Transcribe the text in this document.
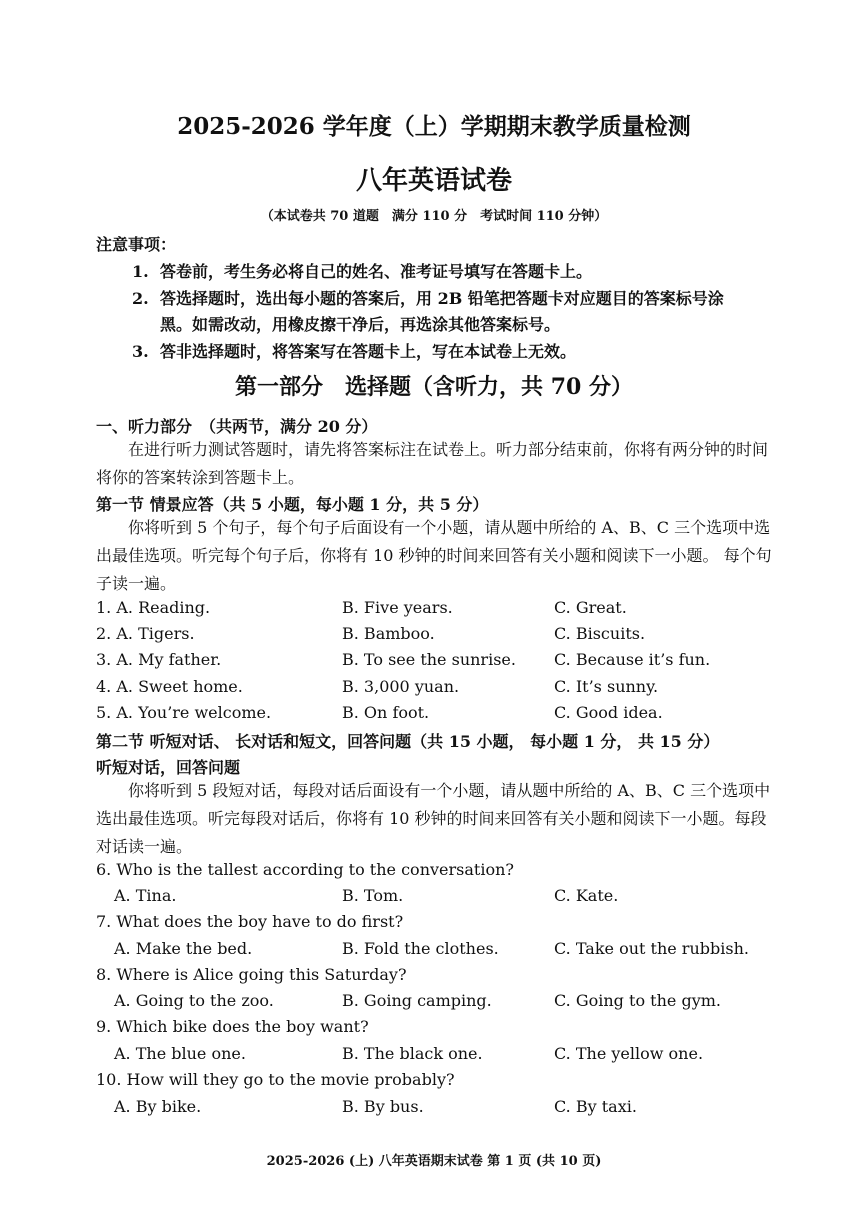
2025-2026 学年度（上）学期期末教学质量检测
八年英语试卷
（本试卷共 70 道题　满分 110 分　考试时间 110 分钟）
注意事项：
1. 答卷前，考生务必将自己的姓名、准考证号填写在答题卡上。
2. 答选择题时，选出每小题的答案后，用 2B 铅笔把答题卡对应题目的答案标号涂
黑。如需改动，用橡皮擦干净后，再选涂其他答案标号。
3. 答非选择题时，将答案写在答题卡上，写在本试卷上无效。
第一部分　选择题（含听力，共 70 分）
一、听力部分　（共两节，满分 20 分）
在进行听力测试答题时，请先将答案标注在试卷上。听力部分结束前，你将有两分钟的时间将你的答案转涂到答题卡上。
第一节 情景应答（共 5 小题，每小题 1 分，共 5 分）
你将听到 5 个句子，每个句子后面设有一个小题，请从题中所给的 A、B、C 三个选项中选出最佳选项。听完每个句子后，你将有 10 秒钟的时间来回答有关小题和阅读下一小题。 每个句子读一遍。
1. A. Reading.	B. Five years.	C. Great.
2. A. Tigers.	B. Bamboo.	C. Biscuits.
3. A. My father.	B. To see the sunrise. C. Because it’s fun.
4. A. Sweet home.	B. 3,000 yuan.	C. It’s sunny.
5. A. You’re welcome.	B. On foot.	C. Good idea.
第二节 听短对话、 长对话和短文，回答问题（共 15 小题， 每小题 1 分， 共 15 分）
听短对话，回答问题
你将听到 5 段短对话，每段对话后面设有一个小题，请从题中所给的 A、B、C 三个选项中选出最佳选项。听完每段对话后，你将有 10 秒钟的时间来回答有关小题和阅读下一小题。每段对话读一遍。
6. Who is the tallest according to the conversation?
A. Tina.	B. Tom.	C. Kate.
7. What does the boy have to do first?
A. Make the bed.	B. Fold the clothes.	C. Take out the rubbish.
8. Where is Alice going this Saturday?
A. Going to the zoo.	B. Going camping.	C. Going to the gym.
9. Which bike does the boy want?
A. The blue one.	B. The black one.	C. The yellow one.
10. How will they go to the movie probably?
A. By bike.	B. By bus.	C. By taxi.
2025-2026 (上) 八年英语期末试卷 第 1 页 (共 10 页)
